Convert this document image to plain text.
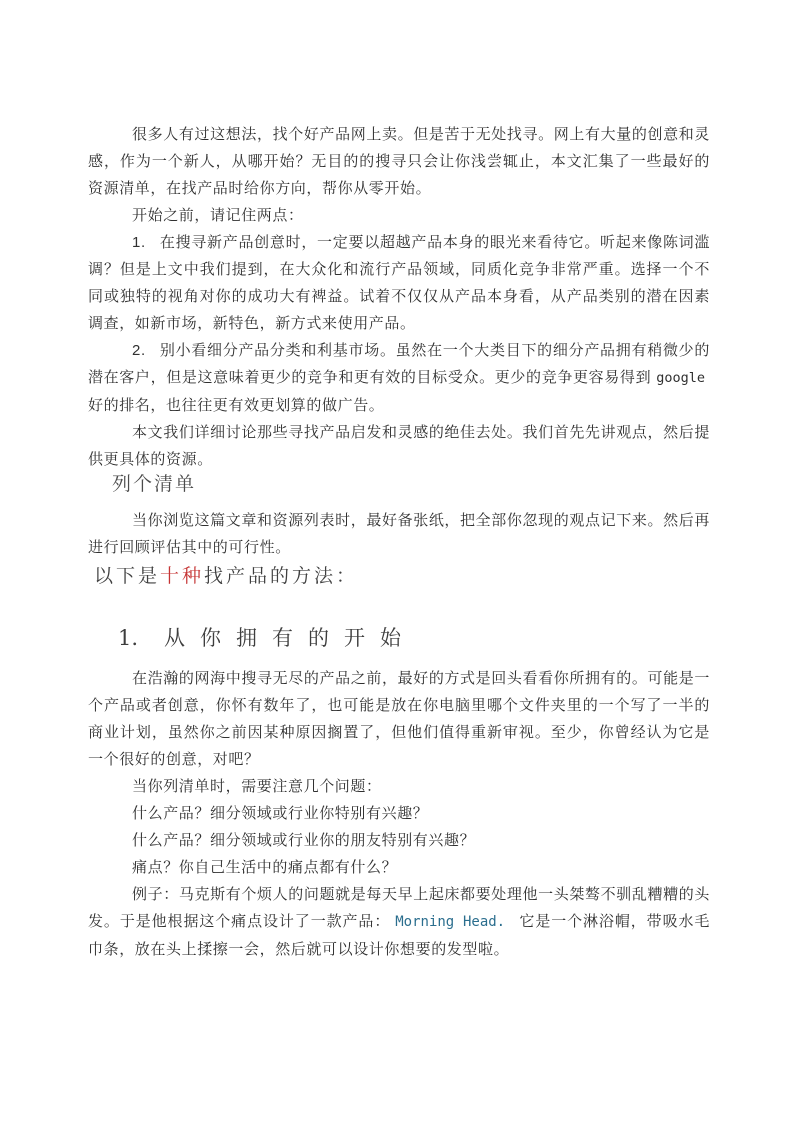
很多人有过这想法，找个好产品网上卖。但是苦于无处找寻。网上有大量的创意和灵感，作为一个新人，从哪开始？无目的的搜寻只会让你浅尝辄止，本文汇集了一些最好的资源清单，在找产品时给你方向，帮你从零开始。

开始之前，请记住两点：

1. 在搜寻新产品创意时，一定要以超越产品本身的眼光来看待它。听起来像陈词滥调？但是上文中我们提到，在大众化和流行产品领域，同质化竞争非常严重。选择一个不同或独特的视角对你的成功大有裨益。试着不仅仅从产品本身看，从产品类别的潜在因素调查，如新市场，新特色，新方式来使用产品。

2. 别小看细分产品分类和利基市场。虽然在一个大类目下的细分产品拥有稍微少的潜在客户，但是这意味着更少的竞争和更有效的目标受众。更少的竞争更容易得到 google好的排名，也往往更有效更划算的做广告。

本文我们详细讨论那些寻找产品启发和灵感的绝佳去处。我们首先先讲观点，然后提供更具体的资源。

列个清单

当你浏览这篇文章和资源列表时，最好备张纸，把全部你忽现的观点记下来。然后再进行回顾评估其中的可行性。

以下是十种找产品的方法：
1. 从你拥有的开始

在浩瀚的网海中搜寻无尽的产品之前，最好的方式是回头看看你所拥有的。可能是一个产品或者创意，你怀有数年了，也可能是放在你电脑里哪个文件夹里的一个写了一半的商业计划，虽然你之前因某种原因搁置了，但他们值得重新审视。至少，你曾经认为它是一个很好的创意，对吧？

当你列清单时，需要注意几个问题：

什么产品？细分领域或行业你特别有兴趣？

什么产品？细分领域或行业你的朋友特别有兴趣？

痛点？你自己生活中的痛点都有什么？

例子：马克斯有个烦人的问题就是每天早上起床都要处理他一头桀骜不驯乱糟糟的头发。于是他根据这个痛点设计了一款产品： Morning Head. 它是一个淋浴帽，带吸水毛巾条，放在头上揉擦一会，然后就可以设计你想要的发型啦。
